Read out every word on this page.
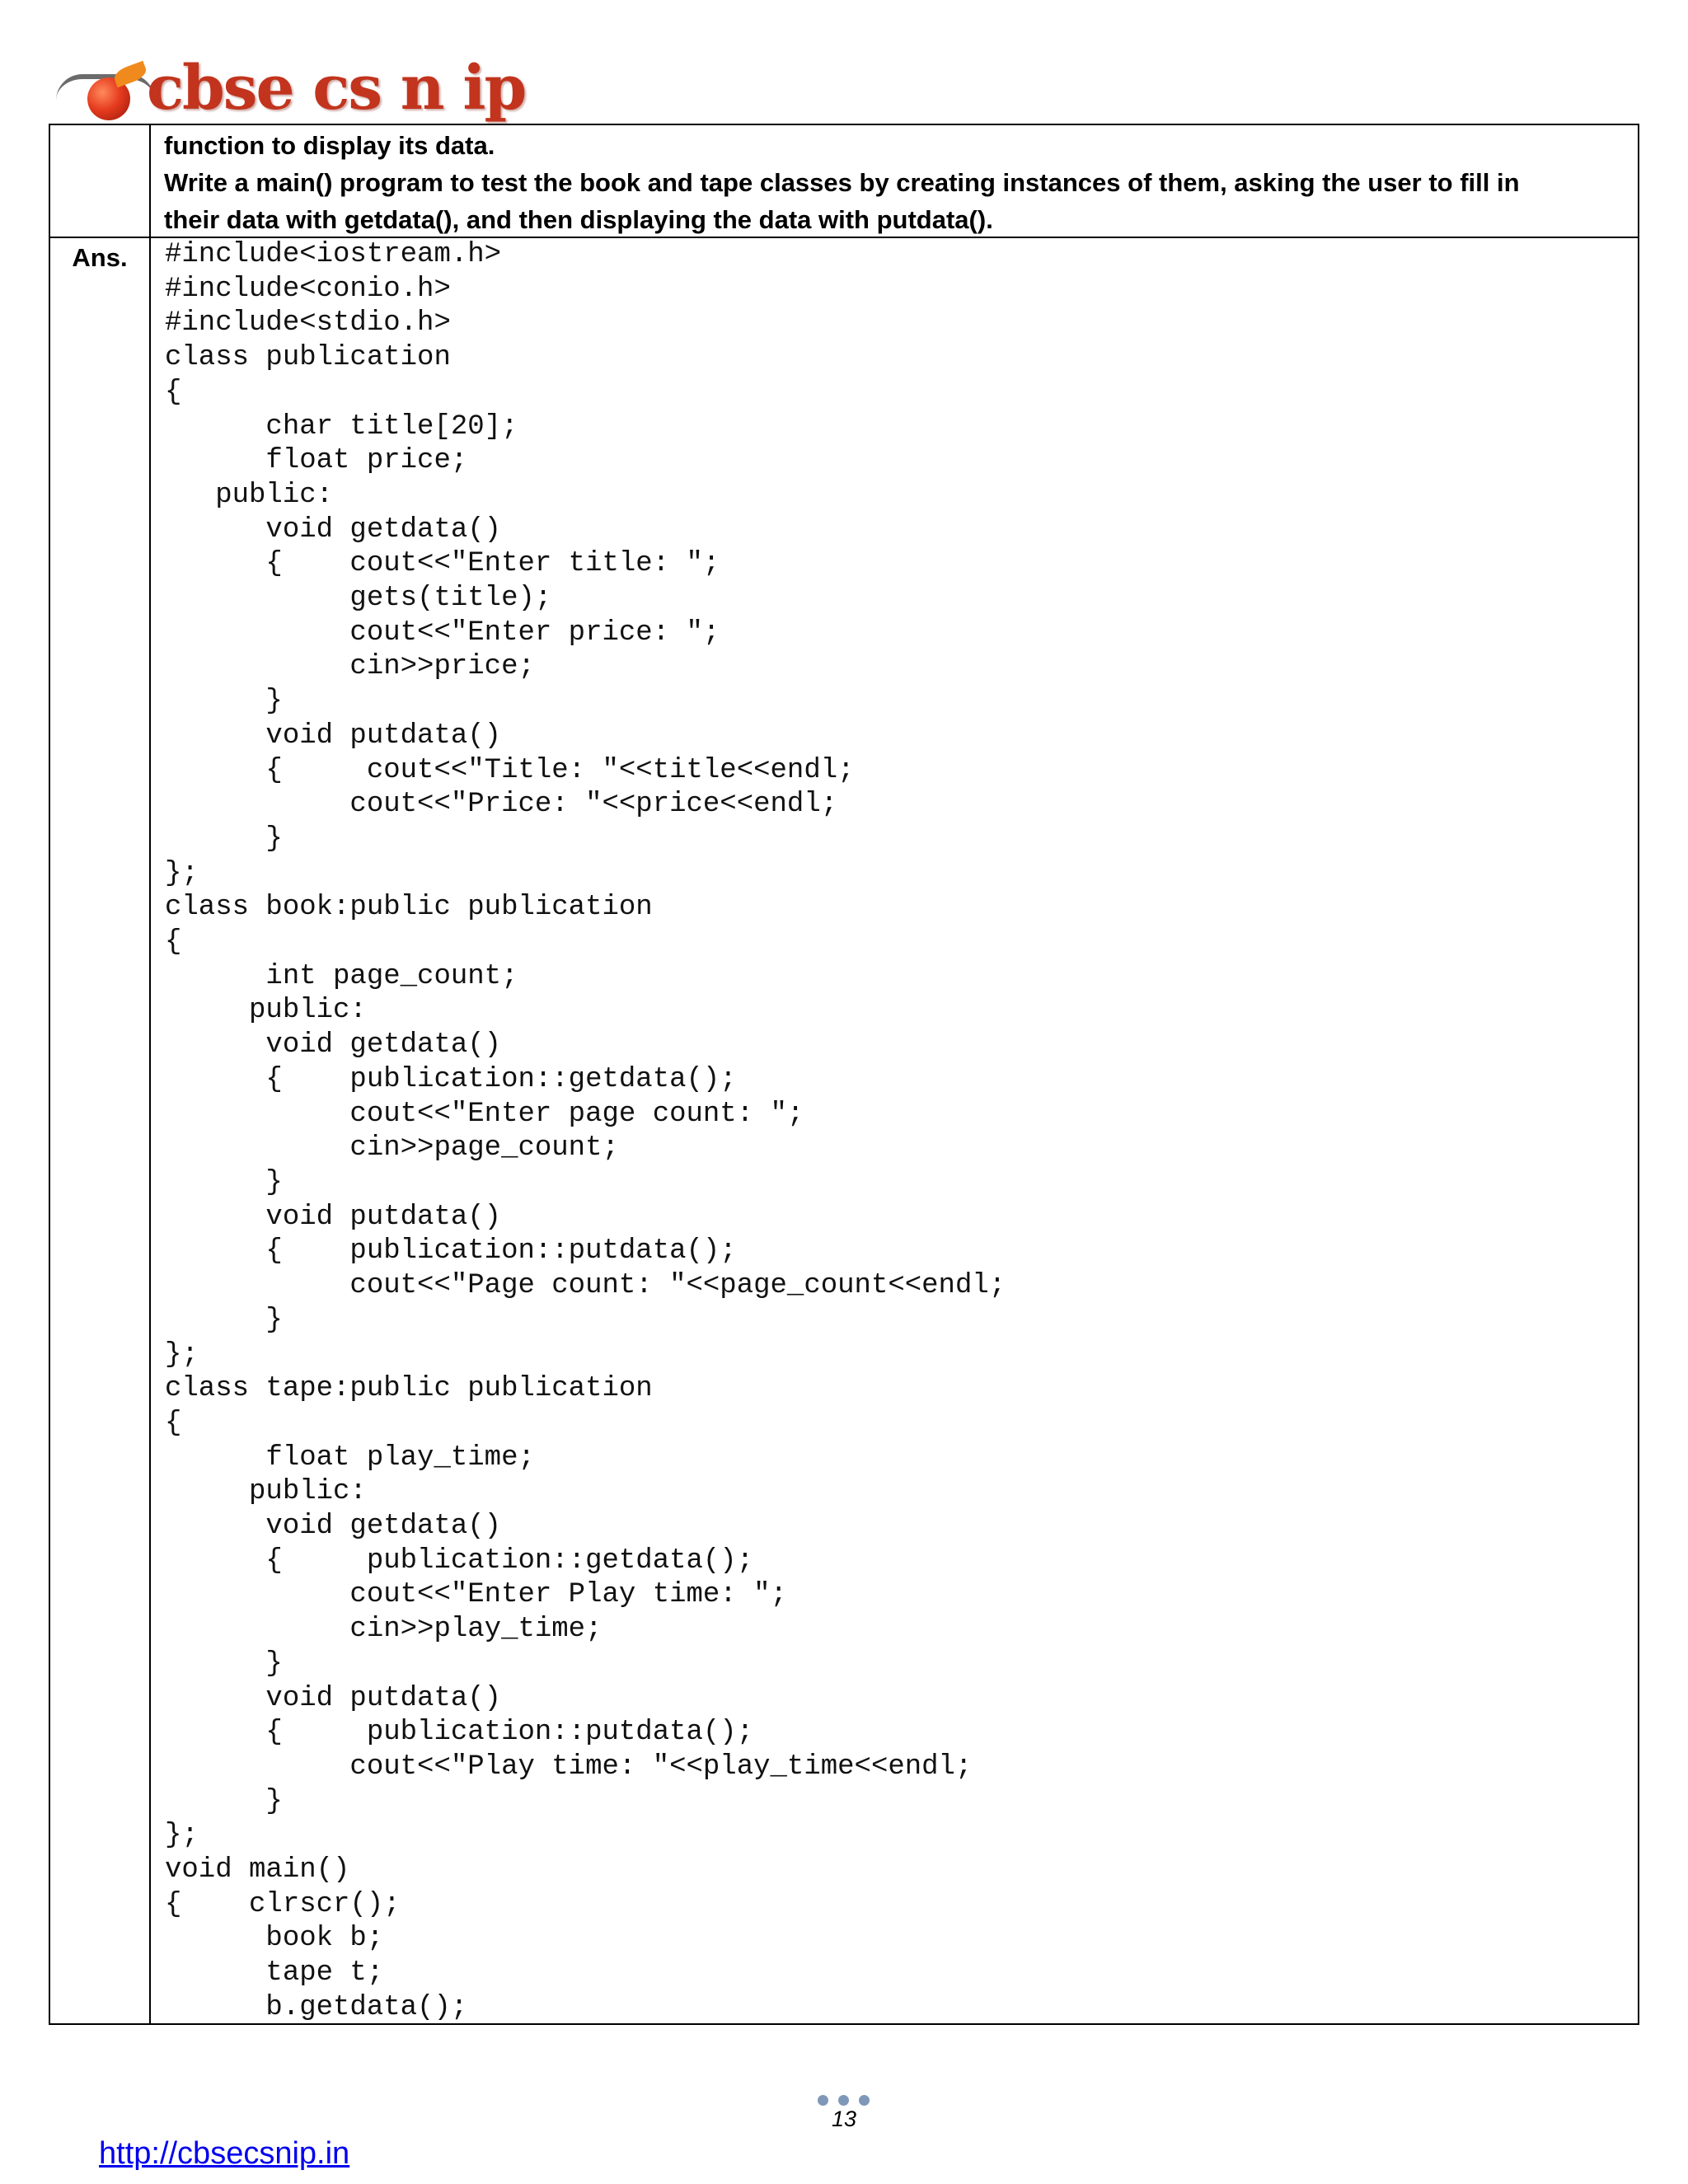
cbse cs n ip
function to display its data.
Write a main() program to test the book and tape classes by creating instances of them, asking the user to fill in
their data with getdata(), and then displaying the data with putdata().
Ans.	#include<iostream.h>
#include<conio.h>
#include<stdio.h>
class publication
{
char title[20];
float price;
public:
void getdata()
{    cout<<"Enter title: ";
gets(title);
cout<<"Enter price: ";
cin>>price;
}
void putdata()
{     cout<<"Title: "<<title<<endl;
cout<<"Price: "<<price<<endl;
}
};
class book:public publication
{
int page_count;
public:
void getdata()
{    publication::getdata();
cout<<"Enter page count: ";
cin>>page_count;
}
void putdata()
{    publication::putdata();
cout<<"Page count: "<<page_count<<endl;
}
};
class tape:public publication
{
float play_time;
public:
void getdata()
{     publication::getdata();
cout<<"Enter Play time: ";
cin>>play_time;
}
void putdata()
{     publication::putdata();
cout<<"Play time: "<<play_time<<endl;
}
};
void main()
{    clrscr();
book b;
tape t;
b.getdata();
13
http://cbsecsnip.in
